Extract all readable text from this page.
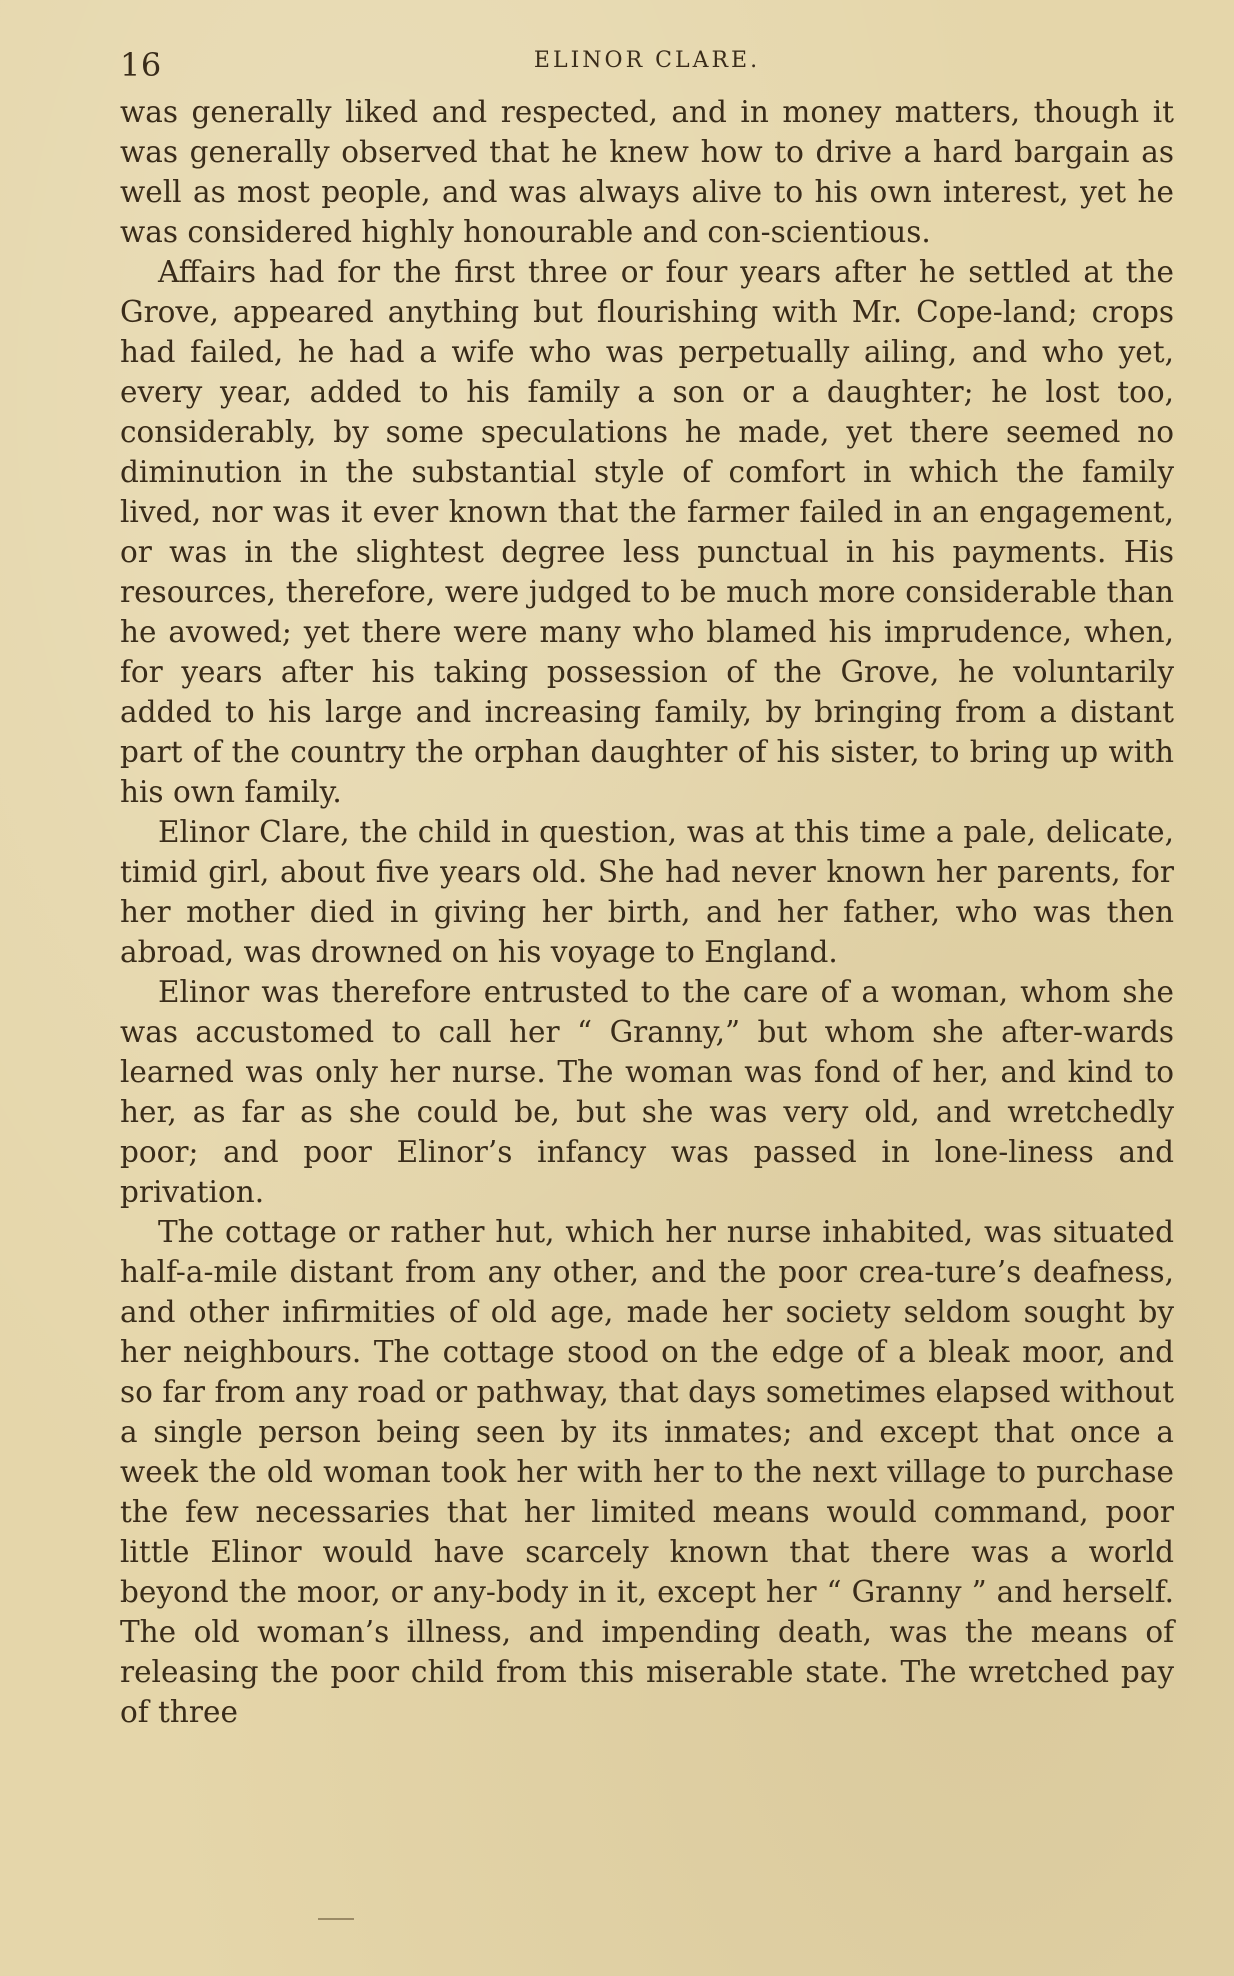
16	ELINOR CLARE.

was generally liked and respected, and in money matters, though it was generally observed that he knew how to drive a hard bargain as well as most people, and was always alive to his own interest, yet he was considered highly honourable and con-scientious.

Affairs had for the first three or four years after he settled at the Grove, appeared anything but flourishing with Mr. Cope-land; crops had failed, he had a wife who was perpetually ailing, and who yet, every year, added to his family a son or a daughter; he lost too, considerably, by some speculations he made, yet there seemed no diminution in the substantial style of comfort in which the family lived, nor was it ever known that the farmer failed in an engagement, or was in the slightest degree less punctual in his payments. His resources, therefore, were judged to be much more considerable than he avowed; yet there were many who blamed his imprudence, when, for years after his taking possession of the Grove, he voluntarily added to his large and increasing family, by bringing from a distant part of the country the orphan daughter of his sister, to bring up with his own family.

Elinor Clare, the child in question, was at this time a pale, delicate, timid girl, about five years old. She had never known her parents, for her mother died in giving her birth, and her father, who was then abroad, was drowned on his voyage to England.

Elinor was therefore entrusted to the care of a woman, whom she was accustomed to call her “ Granny,” but whom she after-wards learned was only her nurse. The woman was fond of her, and kind to her, as far as she could be, but she was very old, and wretchedly poor; and poor Elinor’s infancy was passed in lone-liness and privation.

The cottage or rather hut, which her nurse inhabited, was situated half-a-mile distant from any other, and the poor crea-ture’s deafness, and other infirmities of old age, made her society seldom sought by her neighbours. The cottage stood on the edge of a bleak moor, and so far from any road or pathway, that days sometimes elapsed without a single person being seen by its inmates; and except that once a week the old woman took her with her to the next village to purchase the few necessaries that her limited means would command, poor little Elinor would have scarcely known that there was a world beyond the moor, or any-body in it, except her “ Granny ” and herself. The old woman’s illness, and impending death, was the means of releasing the poor child from this miserable state. The wretched pay of three
